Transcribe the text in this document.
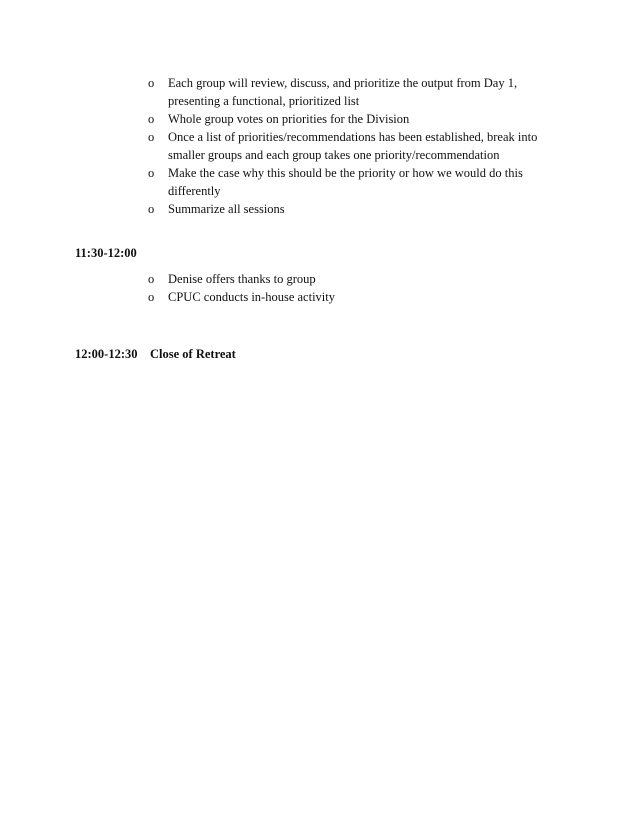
o Each group will review, discuss, and prioritize the output from Day 1, presenting a functional, prioritized list
o Whole group votes on priorities for the Division
o Once a list of priorities/recommendations has been established, break into smaller groups and each group takes one priority/recommendation
o Make the case why this should be the priority or how we would do this differently
o Summarize all sessions
11:30-12:00
o Denise offers thanks to group
o CPUC conducts in-house activity
12:00-12:30 Close of Retreat
